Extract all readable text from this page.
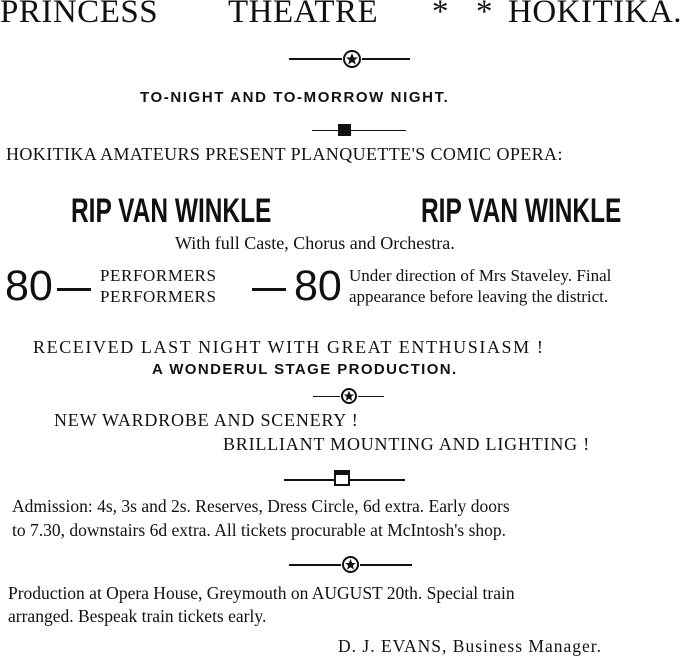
PRINCESS THEATRE * * HOKITIKA.
TO-NIGHT AND TO-MORROW NIGHT.
HOKITIKA AMATEURS PRESENT PLANQUETTE'S COMIC OPERA:
RIP VAN WINKLE	RIP VAN WINKLE
With full Caste, Chorus and Orchestra.
80	PERFORMERS
PERFORMERS 80 Under direction of Mrs Staveley. Final
appearance before leaving the district.
RECEIVED LAST NIGHT WITH GREAT ENTHUSIASM !
A WONDERUL STAGE PRODUCTION.
NEW WARDROBE AND SCENERY !
BRILLIANT MOUNTING AND LIGHTING !
Admission: 4s, 3s and 2s. Reserves, Dress Circle, 6d extra. Early doors
to 7.30, downstairs 6d extra. All tickets procurable at McIntosh's shop.
Production at Opera House, Greymouth on AUGUST 20th. Special train
arranged. Bespeak train tickets early.
D. J. EVANS, Business Manager.
